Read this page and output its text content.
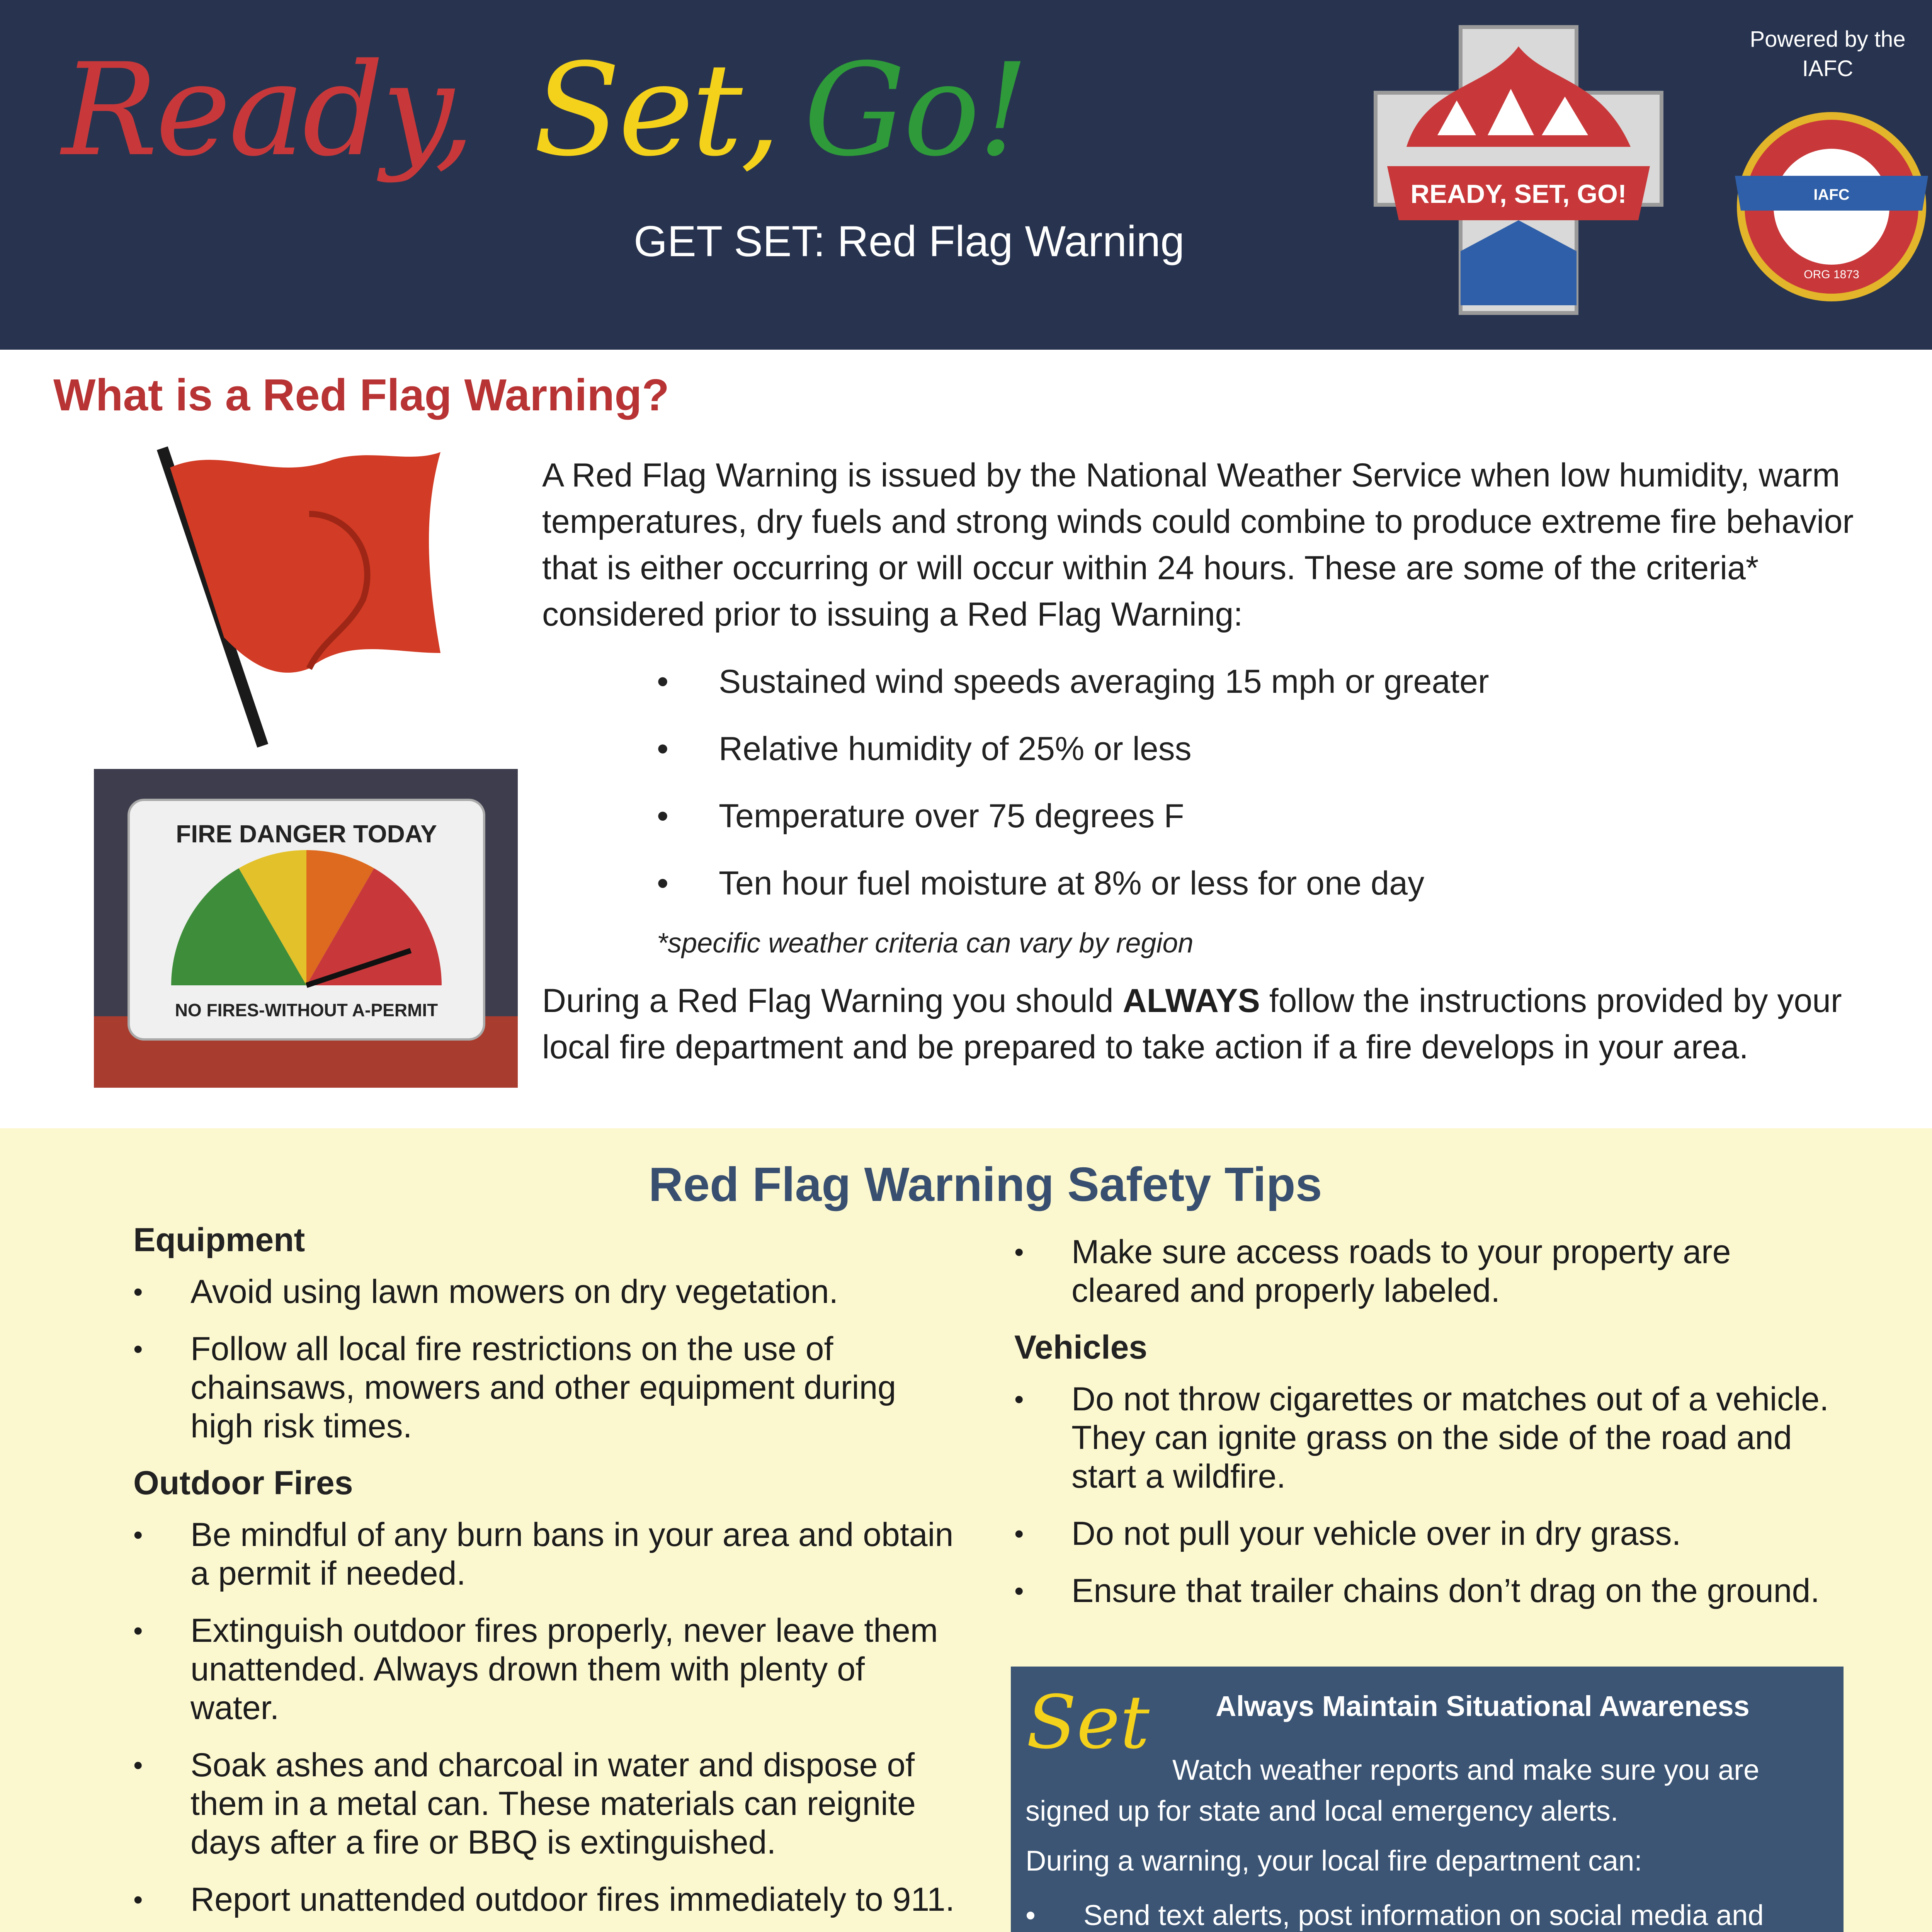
Ready, Set, Go!
GET SET: Red Flag Warning
READY, SET, GO!
Powered by the IAFC
IAFC
ORG 1873
What is a Red Flag Warning?
FIRE DANGER TODAY
NO FIRES-WITHOUT A-PERMIT
A Red Flag Warning is issued by the National Weather Service when low humidity, warm temperatures, dry fuels and strong winds could combine to produce extreme fire behavior that is either occurring or will occur within 24 hours. These are some of the criteria* considered prior to issuing a Red Flag Warning:
• Sustained wind speeds averaging 15 mph or greater
• Relative humidity of 25% or less
• Temperature over 75 degrees F
• Ten hour fuel moisture at 8% or less for one day
*specific weather criteria can vary by region
During a Red Flag Warning you should ALWAYS follow the instructions provided by your local fire department and be prepared to take action if a fire develops in your area.
Red Flag Warning Safety Tips
Equipment
• Avoid using lawn mowers on dry vegetation.
• Follow all local fire restrictions on the use of chainsaws, mowers and other equipment during high risk times.
Outdoor Fires
• Be mindful of any burn bans in your area and obtain a permit if needed.
• Extinguish outdoor fires properly, never leave them unattended. Always drown them with plenty of water.
• Soak ashes and charcoal in water and dispose of them in a metal can. These materials can reignite days after a fire or BBQ is extinguished.
• Report unattended outdoor fires immediately to 911.
• Make sure access roads to your property are cleared and properly labeled.
Vehicles
• Do not throw cigarettes or matches out of a vehicle. They can ignite grass on the side of the road and start a wildfire.
• Do not pull your vehicle over in dry grass.
• Ensure that trailer chains don’t drag on the ground.
Set Always Maintain Situational Awareness
Watch weather reports and make sure you are signed up for state and local emergency alerts.
During a warning, your local fire department can:
• Send text alerts, post information on social media and
